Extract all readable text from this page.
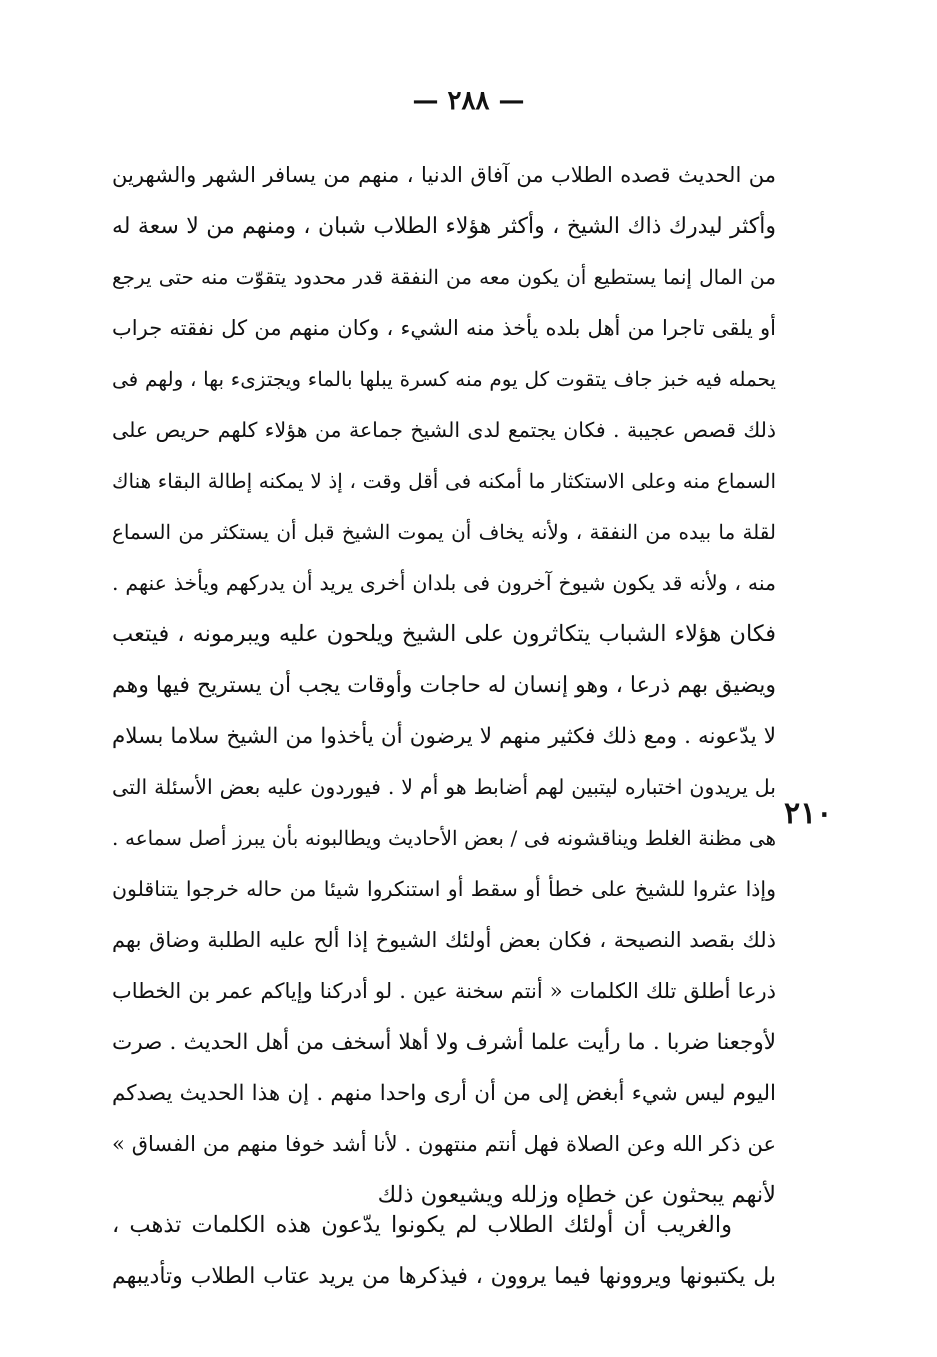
— ٢٨٨ —
٢١٠
من الحديث قصده الطلاب من آفاق الدنيا ، منهم من يسافر الشهر والشهرين
وأكثر ليدرك ذاك الشيخ ، وأكثر هؤلاء الطلاب شبان ، ومنهم من لا سعة له
من المال إنما يستطيع أن يكون معه من النفقة قدر محدود يتقوّت منه حتى يرجع
أو يلقى تاجرا من أهل بلده يأخذ منه الشيء ، وكان منهم من كل نفقته جراب
يحمله فيه خبز جاف يتقوت كل يوم منه كسرة يبلها بالماء ويجتزىء بها ، ولهم فى
ذلك قصص عجيبة . فكان يجتمع لدى الشيخ جماعة من هؤلاء كلهم حريص على
السماع منه وعلى الاستكثار ما أمكنه فى أقل وقت ، إذ لا يمكنه إطالة البقاء هناك
لقلة ما بيده من النفقة ، ولأنه يخاف أن يموت الشيخ قبل أن يستكثر من السماع
منه ، ولأنه قد يكون شيوخ آخرون فى بلدان أخرى يريد أن يدركهم ويأخذ عنهم .
فكان هؤلاء الشباب يتكاثرون على الشيخ ويلحون عليه ويبرمونه ، فيتعب
ويضيق بهم ذرعا ، وهو إنسان له حاجات وأوقات يجب أن يستريح فيها وهم
لا يدّعونه . ومع ذلك فكثير منهم لا يرضون أن يأخذوا من الشيخ سلاما بسلام
بل يريدون اختباره ليتبين لهم أضابط هو أم لا . فيوردون عليه بعض الأسئلة التى
هى مظنة الغلط ويناقشونه فى / بعض الأحاديث ويطالبونه بأن يبرز أصل سماعه .
وإذا عثروا للشيخ على خطأ أو سقط أو استنكروا شيئا من حاله خرجوا يتناقلون
ذلك بقصد النصيحة ، فكان بعض أولئك الشيوخ إذا ألح عليه الطلبة وضاق بهم
ذرعا أطلق تلك الكلمات « أنتم سخنة عين . لو أدركنا وإياكم عمر بن الخطاب
لأوجعنا ضربا . ما رأيت علما أشرف ولا أهلا أسخف من أهل الحديث . صرت
اليوم ليس شيء أبغض إلى من أن أرى واحدا منهم . إن هذا الحديث يصدكم
عن ذكر الله وعن الصلاة فهل أنتم منتهون . لأنا أشد خوفا منهم من الفساق »
لأنهم يبحثون عن خطإه وزلله ويشيعون ذلك
والغريب أن أولئك الطلاب لم يكونوا يدّعون هذه الكلمات تذهب ،
بل يكتبونها ويروونها فيما يروون ، فيذكرها من يريد عتاب الطلاب وتأديبهم
